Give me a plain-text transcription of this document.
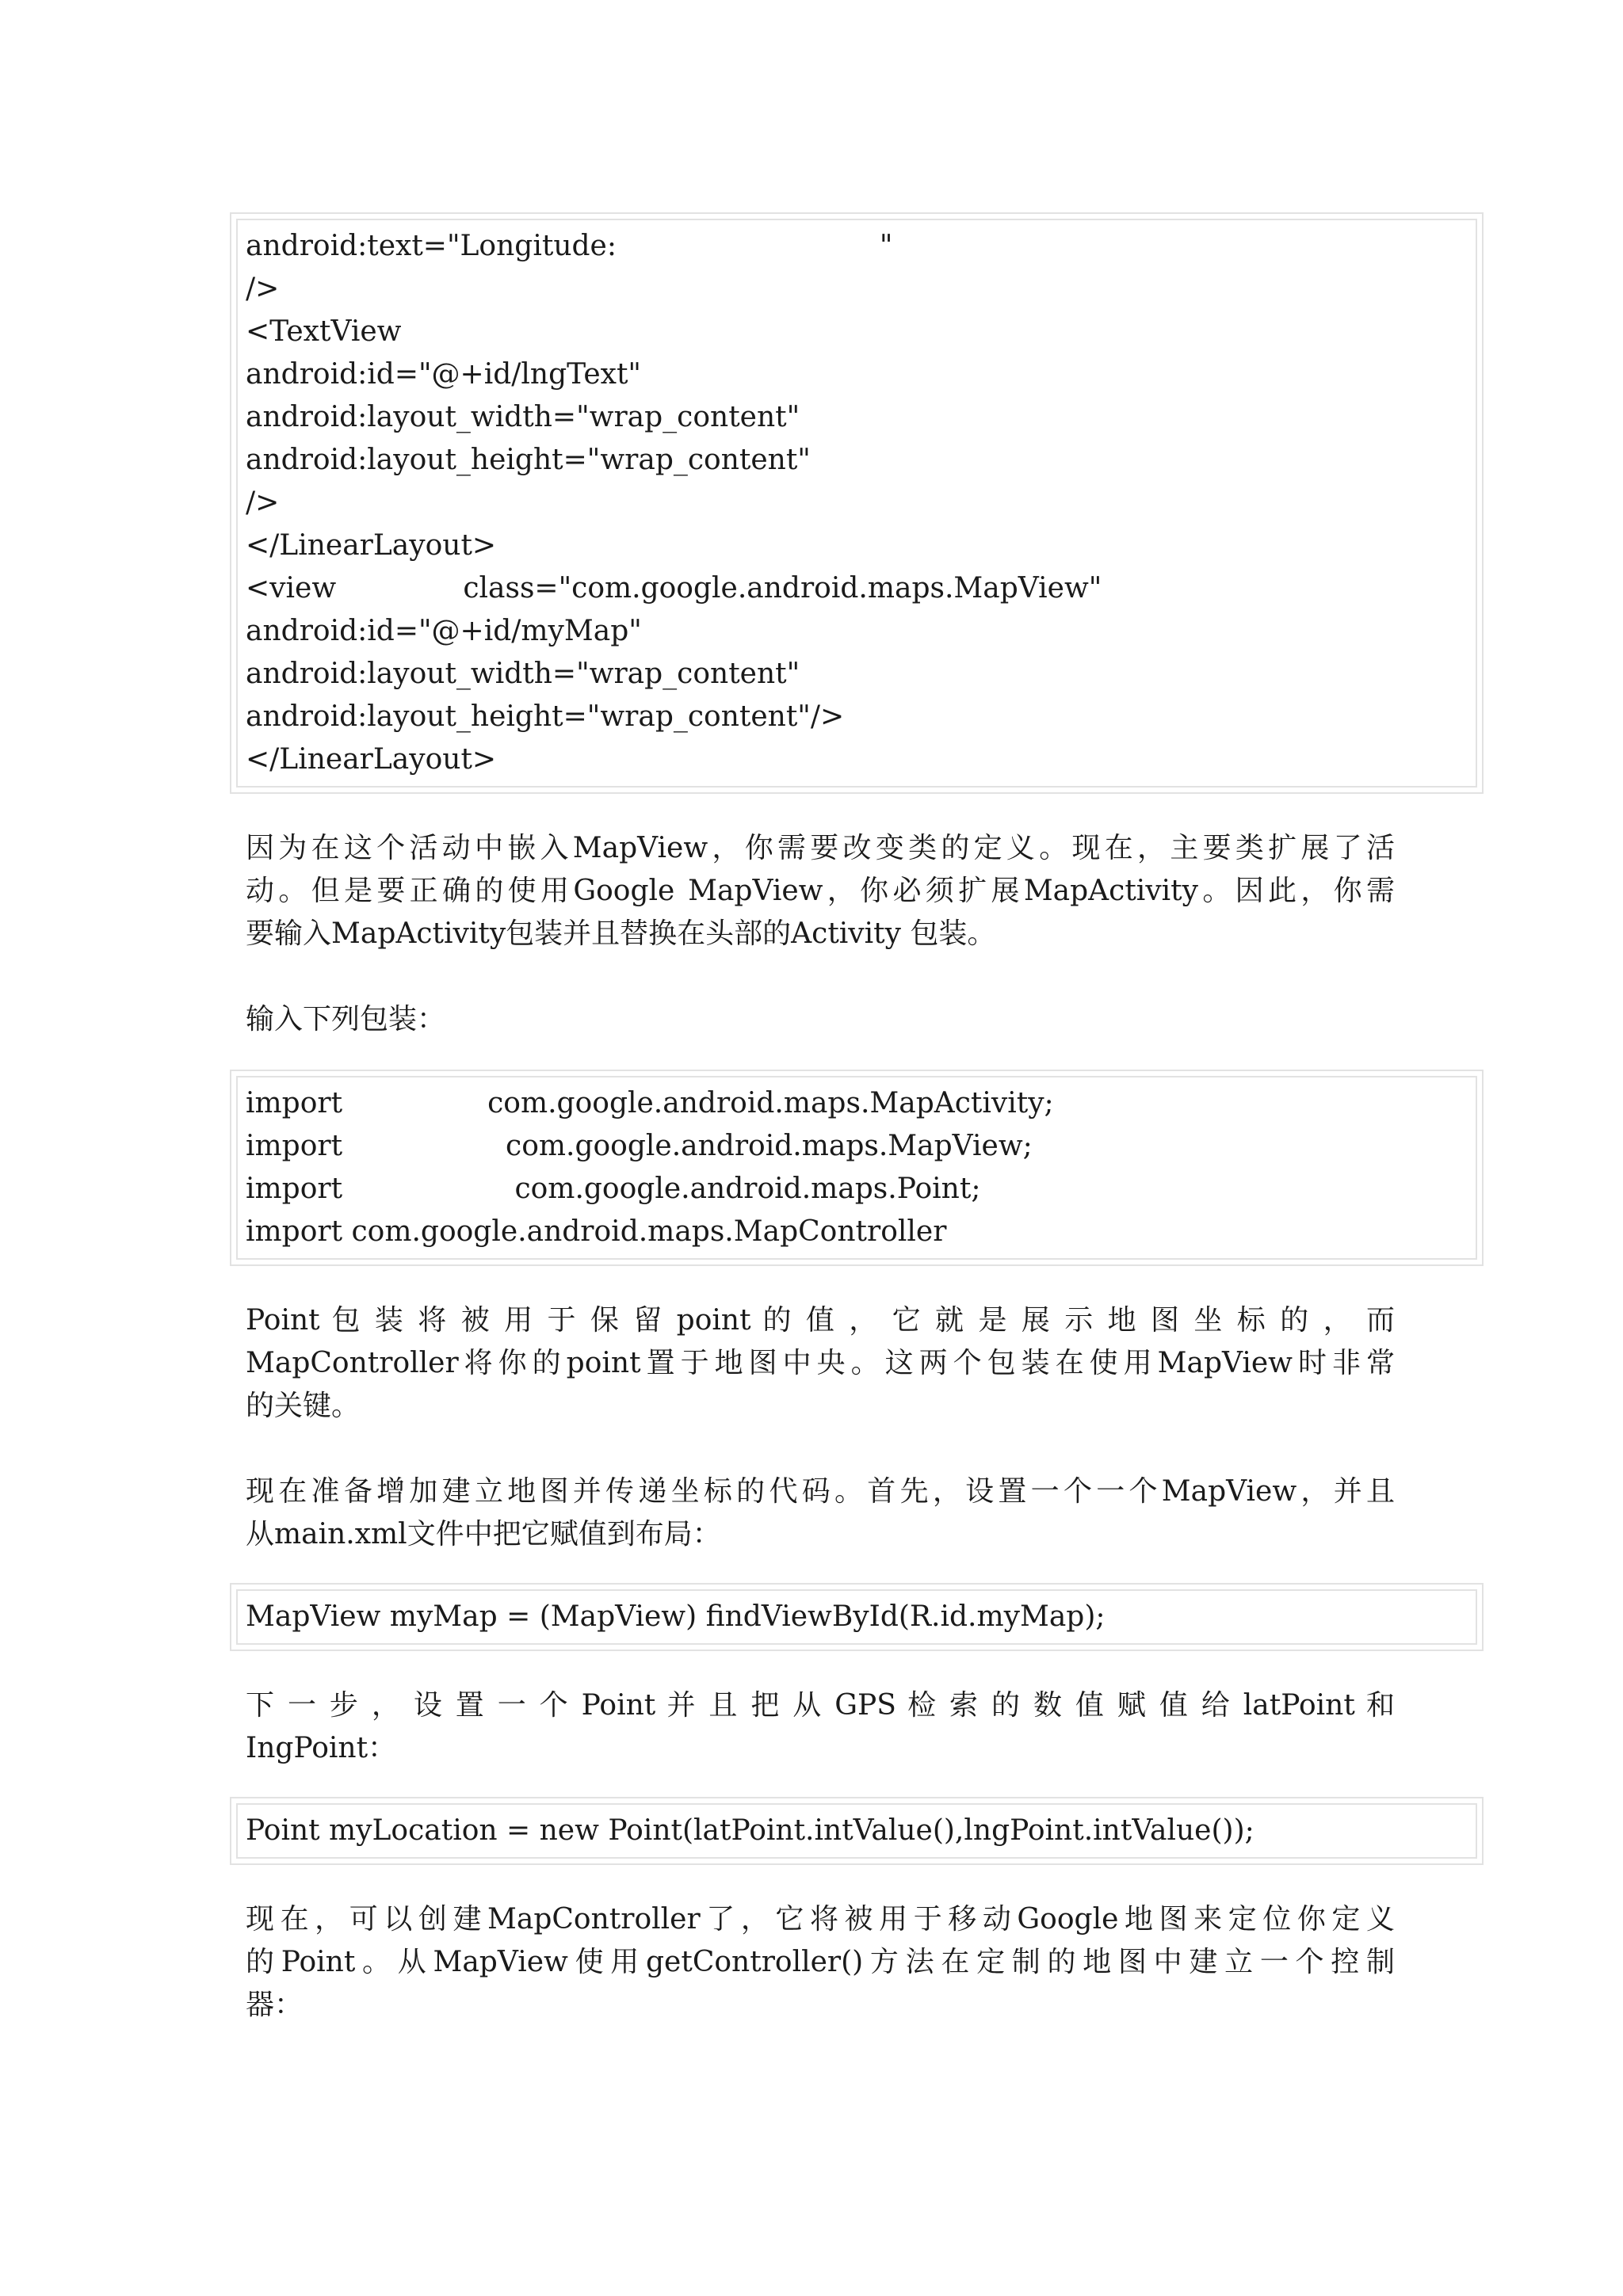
android:text="Longitude:                             "
/>
<TextView
android:id="@+id/lngText"
android:layout_width="wrap_content"
android:layout_height="wrap_content"
/>
</LinearLayout>
<view              class="com.google.android.maps.MapView"
android:id="@+id/myMap"
android:layout_width="wrap_content"
android:layout_height="wrap_content"/>
</LinearLayout>
因为在这个活动中嵌入MapView，你需要改变类的定义。现在，主要类扩展了活
动。但是要正确的使用Google MapView，你必须扩展MapActivity。因此，你需
要输入MapActivity包装并且替换在头部的Activity 包装。
输入下列包装：
import                com.google.android.maps.MapActivity;
import                  com.google.android.maps.MapView;
import                   com.google.android.maps.Point;
import com.google.android.maps.MapController
Point 包 装 将 被 用 于 保 留 point 的 值 ， 它 就 是 展 示 地 图 坐 标 的 ， 而
MapController将你的point置于地图中央。这两个包装在使用MapView时非常
的关键。
现在准备增加建立地图并传递坐标的代码。首先，设置一个一个MapView，并且
从main.xml文件中把它赋值到布局：
MapView myMap = (MapView) findViewById(R.id.myMap);
下 一 步 ， 设 置 一 个 Point 并 且 把 从 GPS 检 索 的 数 值 赋 值 给 latPoint 和
IngPoint：
Point myLocation = new Point(latPoint.intValue(),lngPoint.intValue());
现在，可以创建MapController了，它将被用于移动Google地图来定位你定义
的Point。从MapView使用getController()方法在定制的地图中建立一个控制
器：
